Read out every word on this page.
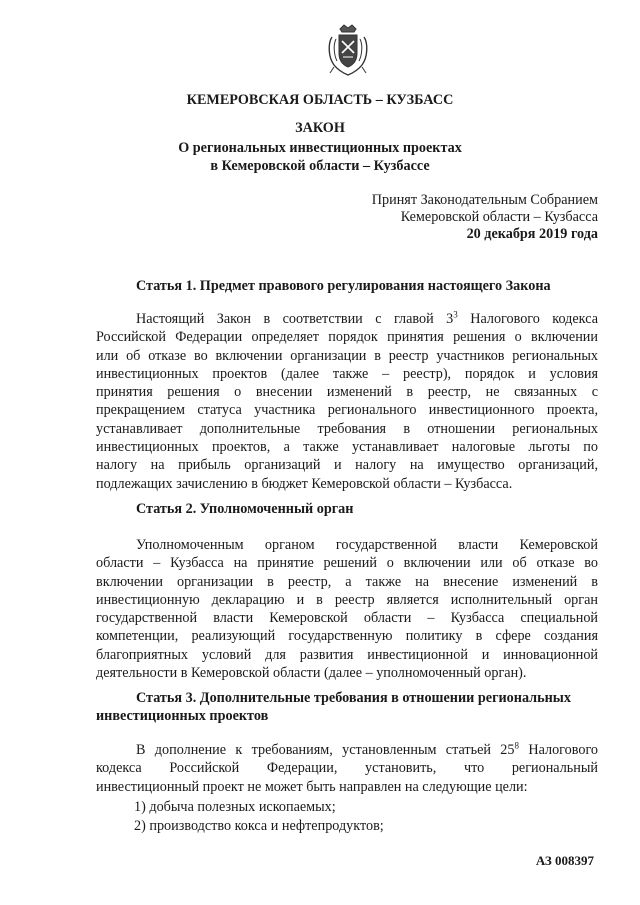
КЕМЕРОВСКАЯ ОБЛАСТЬ – КУЗБАСС
ЗАКОН
О региональных инвестиционных проектах
в Кемеровской области – Кузбассе
Принят Законодательным Собранием
Кемеровской области – Кузбасса
20 декабря 2019 года
Статья 1. Предмет правового регулирования настоящего Закона
Настоящий Закон в соответствии с главой $3^3$ Налогового кодекса
Российской Федерации определяет порядок принятия решения о включении
или об отказе во включении организации в реестр участников региональных
инвестиционных проектов (далее также – реестр), порядок и условия
принятия решения о внесении изменений в реестр, не связанных с
прекращением статуса участника регионального инвестиционного проекта,
устанавливает дополнительные требования в отношении региональных
инвестиционных проектов, а также устанавливает налоговые льготы по
налогу на прибыль организаций и налогу на имущество организаций,
подлежащих зачислению в бюджет Кемеровской области – Кузбасса.
Статья 2. Уполномоченный орган
Уполномоченным органом государственной власти Кемеровской
области – Кузбасса на принятие решений о включении или об отказе во
включении организации в реестр, а также на внесение изменений в
инвестиционную декларацию и в реестр является исполнительный орган
государственной власти Кемеровской области – Кузбасса специальной
компетенции, реализующий государственную политику в сфере создания
благоприятных условий для развития инвестиционной и инновационной
деятельности в Кемеровской области (далее – уполномоченный орган).
Статья 3. Дополнительные требования в отношении региональных
инвестиционных проектов
В дополнение к требованиям, установленным статьей $25^8$ Налогового
кодекса Российской Федерации, установить, что региональный
инвестиционный проект не может быть направлен на следующие цели:
1) добыча полезных ископаемых;
2) производство кокса и нефтепродуктов;
АЗ 008397
